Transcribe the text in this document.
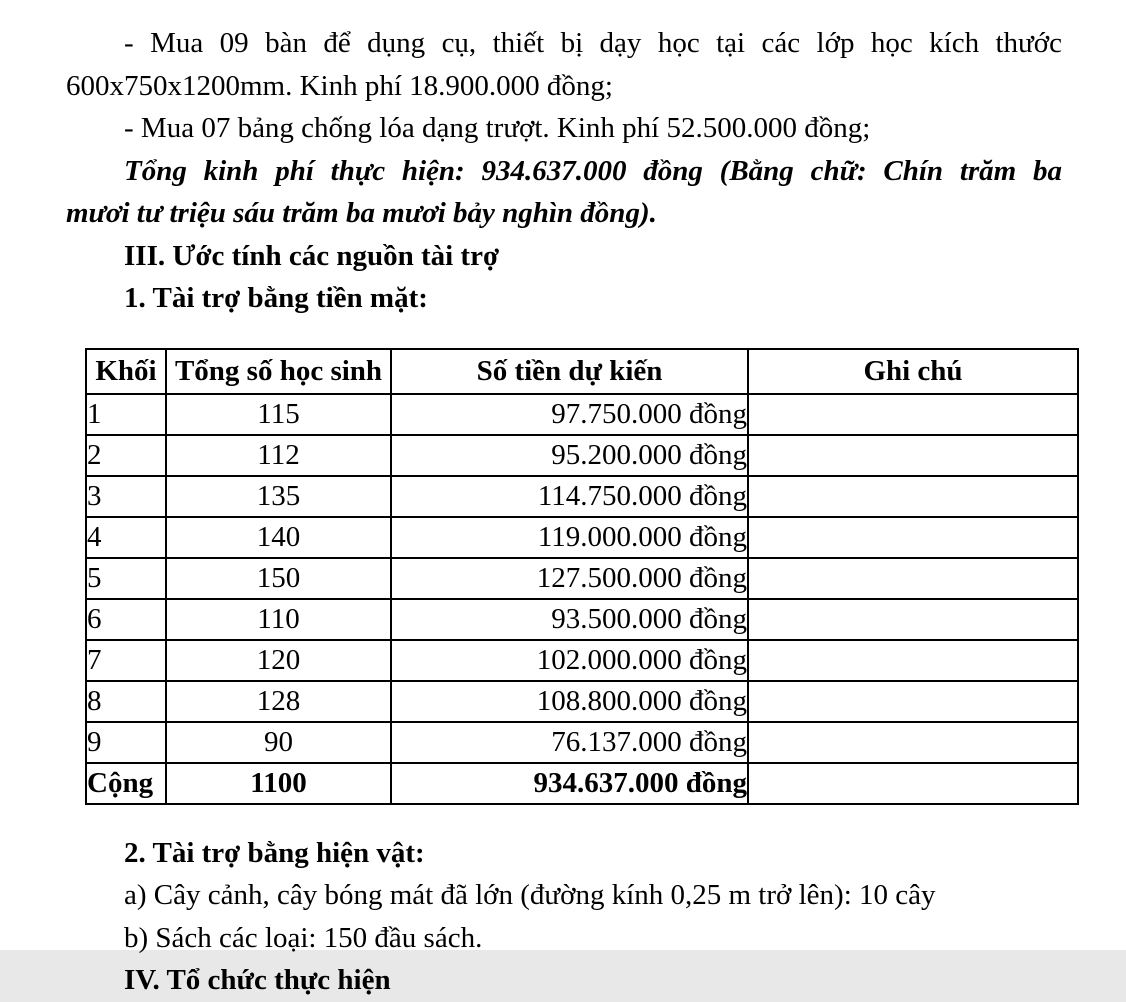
- Mua 09 bàn để dụng cụ, thiết bị dạy học tại các lớp học kích thước
600x750x1200mm. Kinh phí 18.900.000 đồng;
- Mua 07 bảng chống lóa dạng trượt. Kinh phí 52.500.000 đồng;
Tổng kinh phí thực hiện: 934.637.000 đồng (Bằng chữ: Chín trăm ba
mươi tư triệu sáu trăm ba mươi bảy nghìn đồng).
III. Ước tính các nguồn tài trợ
1. Tài trợ bằng tiền mặt:
Khối	Tổng số học sinh	Số tiền dự kiến	Ghi chú
1	115	97.750.000 đồng	
2	112	95.200.000 đồng	
3	135	114.750.000 đồng	
4	140	119.000.000 đồng	
5	150	127.500.000 đồng	
6	110	93.500.000 đồng	
7	120	102.000.000 đồng	
8	128	108.800.000 đồng	
9	90	76.137.000 đồng	
Cộng	1100	934.637.000 đồng	
2. Tài trợ bằng hiện vật:
a) Cây cảnh, cây bóng mát đã lớn (đường kính 0,25 m trở lên): 10 cây
b) Sách các loại: 150 đầu sách.
IV. Tổ chức thực hiện
